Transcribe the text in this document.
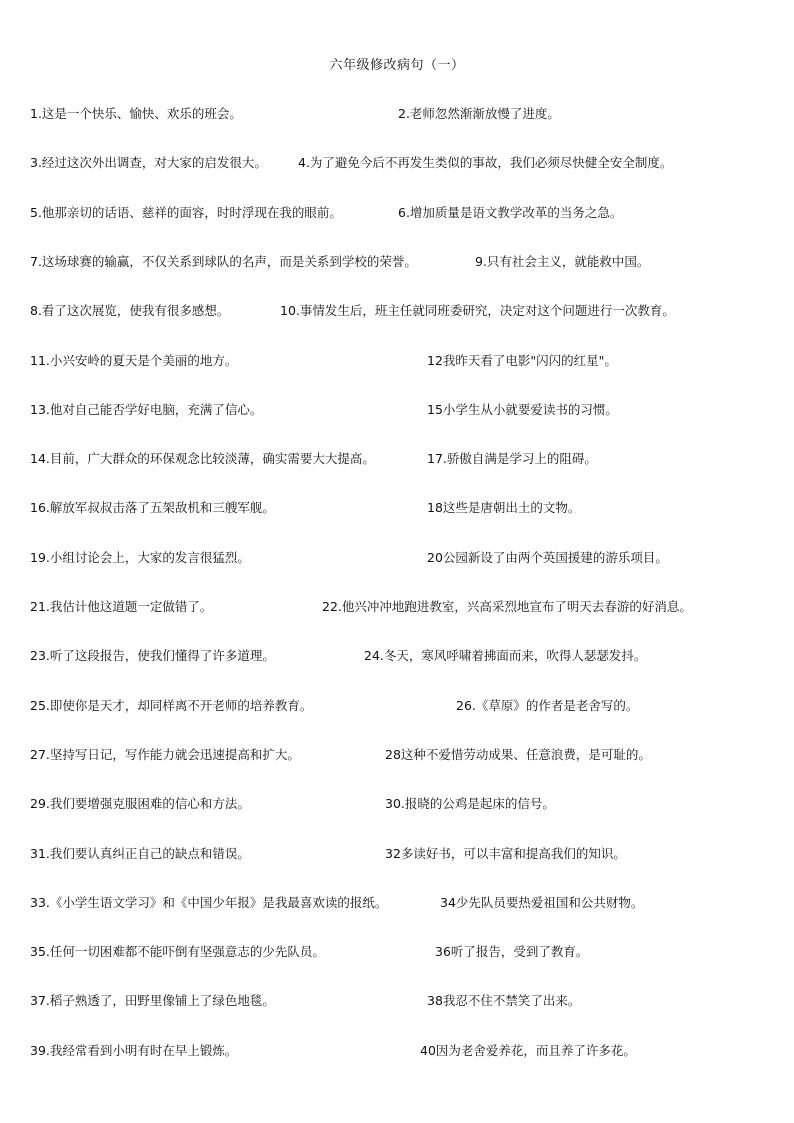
六年级修改病句（一）
1.这是一个快乐、愉快、欢乐的班会。	2.老师忽然渐渐放慢了进度。
3.经过这次外出调查，对大家的启发很大。 4.为了避免今后不再发生类似的事故，我们必须尽快健全安全制度。
5.他那亲切的话语、慈祥的面容，时时浮现在我的眼前。	6.增加质量是语文教学改革的当务之急。
7.这场球赛的输赢，不仅关系到球队的名声，而是关系到学校的荣誉。	9.只有社会主义，就能救中国。
8.看了这次展览，使我有很多感想。	10.事情发生后，班主任就同班委研究，决定对这个问题进行一次教育。
11.小兴安岭的夏天是个美丽的地方。	12我昨天看了电影"闪闪的红星"。
13.他对自己能否学好电脑，充满了信心。	15小学生从小就要爱读书的习惯。
14.目前，广大群众的环保观念比较淡薄，确实需要大大提高。	17.骄傲自满是学习上的阻碍。
16.解放军叔叔击落了五架敌机和三艘军舰。	18这些是唐朝出土的文物。
19.小组讨论会上，大家的发言很猛烈。	20公园新设了由两个英国援建的游乐项目。
21.我估计他这道题一定做错了。	22.他兴冲冲地跑进教室，兴高采烈地宣布了明天去春游的好消息。
23.听了这段报告，使我们懂得了许多道理。	24.冬天，寒风呼啸着拂面而来，吹得人瑟瑟发抖。
25.即使你是天才，却同样离不开老师的培养教育。	26.《草原》的作者是老舍写的。
27.坚持写日记，写作能力就会迅速提高和扩大。	28这种不爱惜劳动成果、任意浪费，是可耻的。
29.我们要增强克服困难的信心和方法。	30.报晓的公鸡是起床的信号。
31.我们要认真纠正自己的缺点和错误。	32多读好书，可以丰富和提高我们的知识。
33.《小学生语文学习》和《中国少年报》是我最喜欢读的报纸。	34少先队员要热爱祖国和公共财物。
35.任何一切困难都不能吓倒有坚强意志的少先队员。	36听了报告，受到了教育。
37.稻子熟透了，田野里像铺上了绿色地毯。	38我忍不住不禁笑了出来。
39.我经常看到小明有时在早上锻炼。	40因为老舍爱养花，而且养了许多花。
